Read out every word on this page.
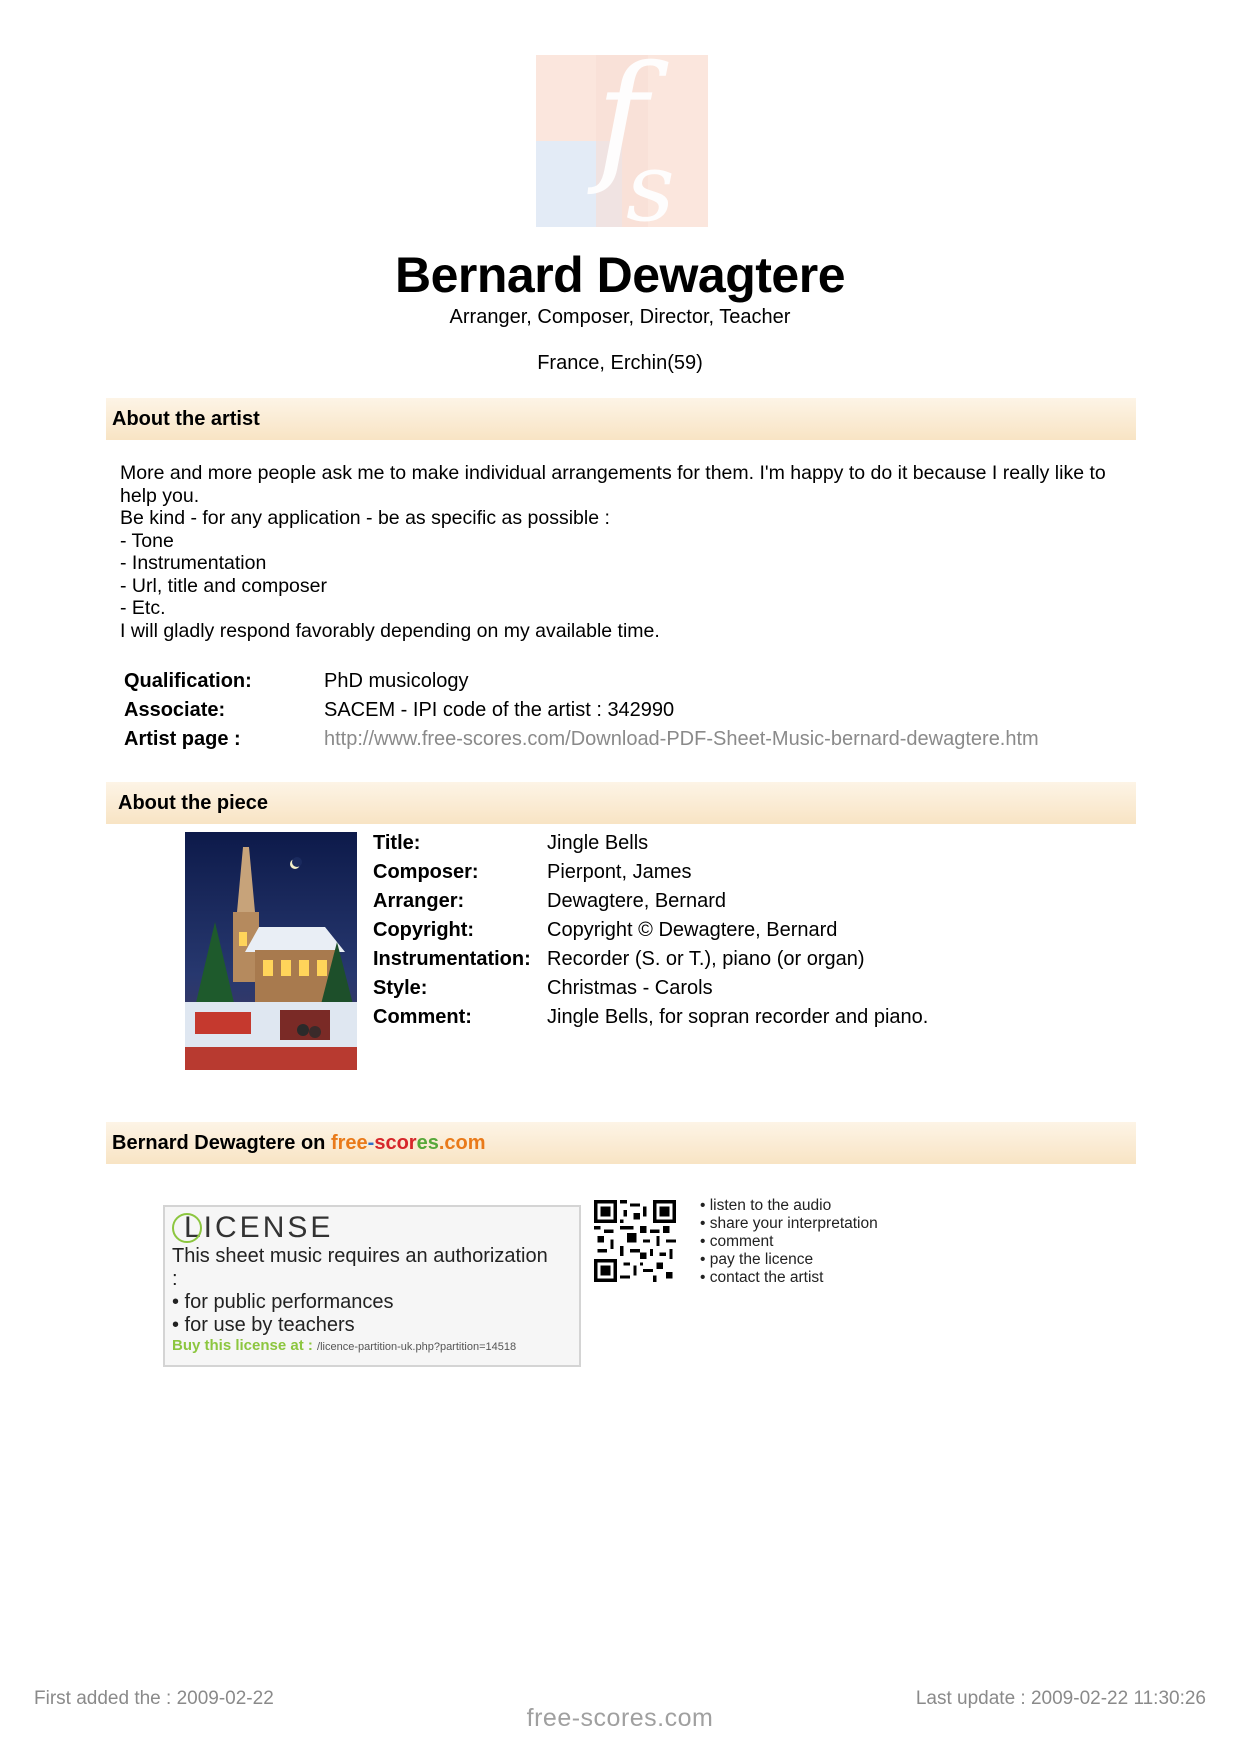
f
s
Bernard Dewagtere
Arranger, Composer, Director, Teacher
France, Erchin(59)
About the artist
More and more people ask me to make individual arrangements for them. I'm happy to do it because I really like to help you.
Be kind - for any application - be as specific as possible :
- Tone
- Instrumentation
- Url, title and composer
- Etc.
I will gladly respond favorably depending on my available time.
Qualification:	PhD musicology
Associate:	SACEM - IPI code of the artist : 342990
Artist page :	http://www.free-scores.com/Download-PDF-Sheet-Music-bernard-dewagtere.htm
About the piece
Title:	Jingle Bells
Composer:	Pierpont, James
Arranger:	Dewagtere, Bernard
Copyright:	Copyright © Dewagtere, Bernard
Instrumentation: Recorder (S. or T.), piano (or organ)
Style:	Christmas - Carols
Comment:	Jingle Bells, for sopran recorder and piano.
Bernard Dewagtere on free-scores.com
LICENSE
This sheet music requires an authorization
:
• for public performances
• for use by teachers
Buy this license at : /licence-partition-uk.php?partition=14518
• listen to the audio
• share your interpretation
• comment
• pay the licence
• contact the artist
First added the : 2009-02-22	Last update : 2009-02-22 11:30:26
free-scores.com
